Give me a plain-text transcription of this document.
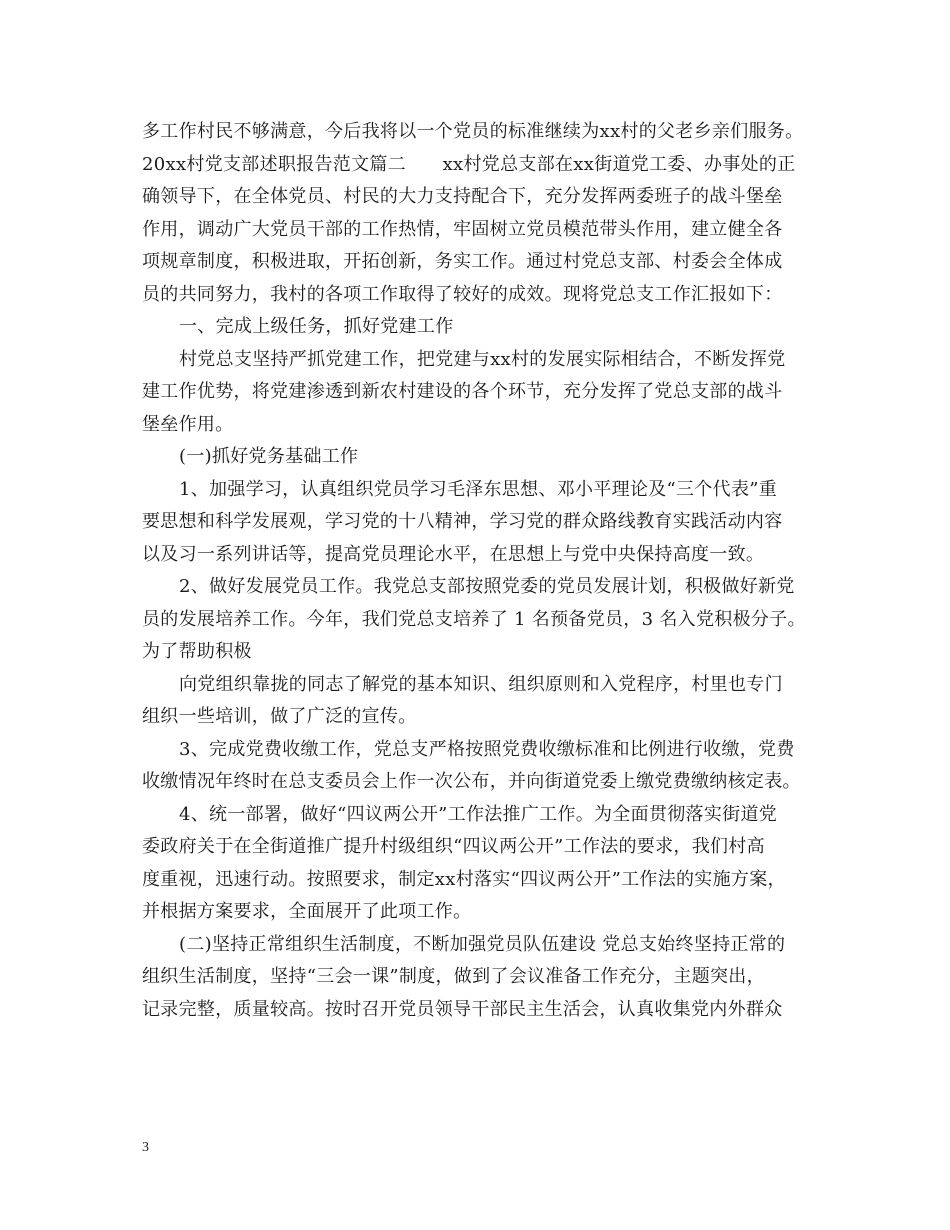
多工作村民不够满意，今后我将以一个党员的标准继续为xx村的父老乡亲们服务。
20xx村党支部述职报告范文篇二　　xx村党总支部在xx街道党工委、办事处的正
确领导下，在全体党员、村民的大力支持配合下，充分发挥两委班子的战斗堡垒
作用，调动广大党员干部的工作热情，牢固树立党员模范带头作用，建立健全各
项规章制度，积极进取，开拓创新，务实工作。通过村党总支部、村委会全体成
员的共同努力，我村的各项工作取得了较好的成效。现将党总支工作汇报如下：
一、完成上级任务，抓好党建工作
村党总支坚持严抓党建工作，把党建与xx村的发展实际相结合，不断发挥党
建工作优势，将党建渗透到新农村建设的各个环节，充分发挥了党总支部的战斗
堡垒作用。
(一)抓好党务基础工作
1、加强学习，认真组织党员学习毛泽东思想、邓小平理论及“三个代表”重
要思想和科学发展观，学习党的十八精神，学习党的群众路线教育实践活动内容
以及习一系列讲话等，提高党员理论水平，在思想上与党中央保持高度一致。
2、做好发展党员工作。我党总支部按照党委的党员发展计划，积极做好新党
员的发展培养工作。今年，我们党总支培养了 1 名预备党员，3 名入党积极分子。
为了帮助积极
向党组织靠拢的同志了解党的基本知识、组织原则和入党程序，村里也专门
组织一些培训，做了广泛的宣传。
3、完成党费收缴工作，党总支严格按照党费收缴标准和比例进行收缴，党费
收缴情况年终时在总支委员会上作一次公布，并向街道党委上缴党费缴纳核定表。
4、统一部署，做好“四议两公开”工作法推广工作。为全面贯彻落实街道党
委政府关于在全街道推广提升村级组织“四议两公开”工作法的要求，我们村高
度重视，迅速行动。按照要求，制定xx村落实“四议两公开”工作法的实施方案，
并根据方案要求，全面展开了此项工作。
(二)坚持正常组织生活制度，不断加强党员队伍建设 党总支始终坚持正常的
组织生活制度，坚持“三会一课”制度，做到了会议准备工作充分，主题突出，
记录完整，质量较高。按时召开党员领导干部民主生活会，认真收集党内外群众
3
